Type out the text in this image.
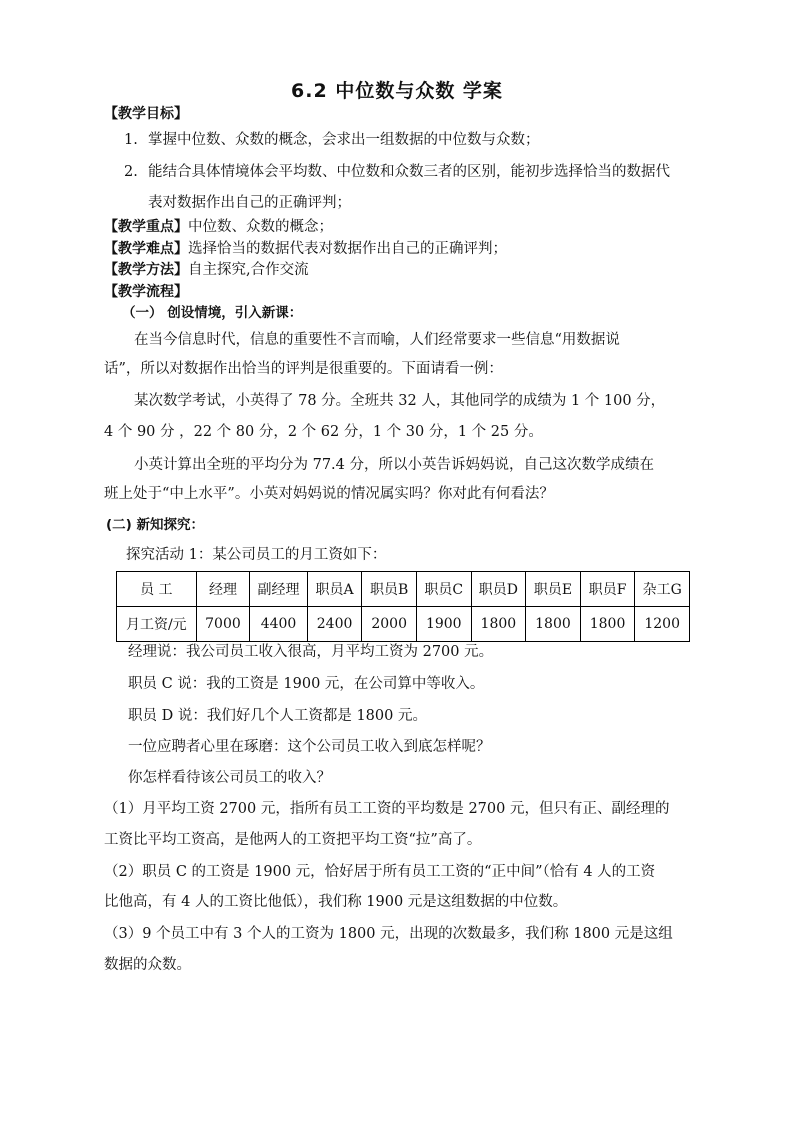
6.2 中位数与众数 学案
【教学目标】
1. 掌握中位数、众数的概念，会求出一组数据的中位数与众数；
2. 能结合具体情境体会平均数、中位数和众数三者的区别，能初步选择恰当的数据代
表对数据作出自己的正确评判；
【教学重点】中位数、众数的概念；
【教学难点】选择恰当的数据代表对数据作出自己的正确评判；
【教学方法】自主探究,合作交流
【教学流程】
（一） 创设情境，引入新课：
在当今信息时代，信息的重要性不言而喻，人们经常要求一些信息“用数据说
话”，所以对数据作出恰当的评判是很重要的。下面请看一例：
某次数学考试，小英得了 78 分。全班共 32 人，其他同学的成绩为 1 个 100 分，
4 个 90 分 ，22 个 80 分，2 个 62 分，1 个 30 分，1 个 25 分。
小英计算出全班的平均分为 77.4 分，所以小英告诉妈妈说，自己这次数学成绩在
班上处于“中上水平”。小英对妈妈说的情况属实吗？你对此有何看法？
(二) 新知探究：
探究活动 1：某公司员工的月工资如下：
员 工	经理	副经理	职员A	职员B	职员C	职员D	职员E	职员F	杂工G
月工资/元	7000	4400	2400	2000	1900	1800	1800	1800	1200
经理说：我公司员工收入很高，月平均工资为 2700 元。
职员 C 说：我的工资是 1900 元，在公司算中等收入。
职员 D 说：我们好几个人工资都是 1800 元。
一位应聘者心里在琢磨：这个公司员工收入到底怎样呢？
你怎样看待该公司员工的收入？
（1）月平均工资 2700 元，指所有员工工资的平均数是 2700 元，但只有正、副经理的
工资比平均工资高，是他两人的工资把平均工资“拉”高了。
（2）职员 C 的工资是 1900 元，恰好居于所有员工工资的“正中间”（恰有 4 人的工资
比他高，有 4 人的工资比他低），我们称 1900 元是这组数据的中位数。
（3）9 个员工中有 3 个人的工资为 1800 元，出现的次数最多，我们称 1800 元是这组
数据的众数。
